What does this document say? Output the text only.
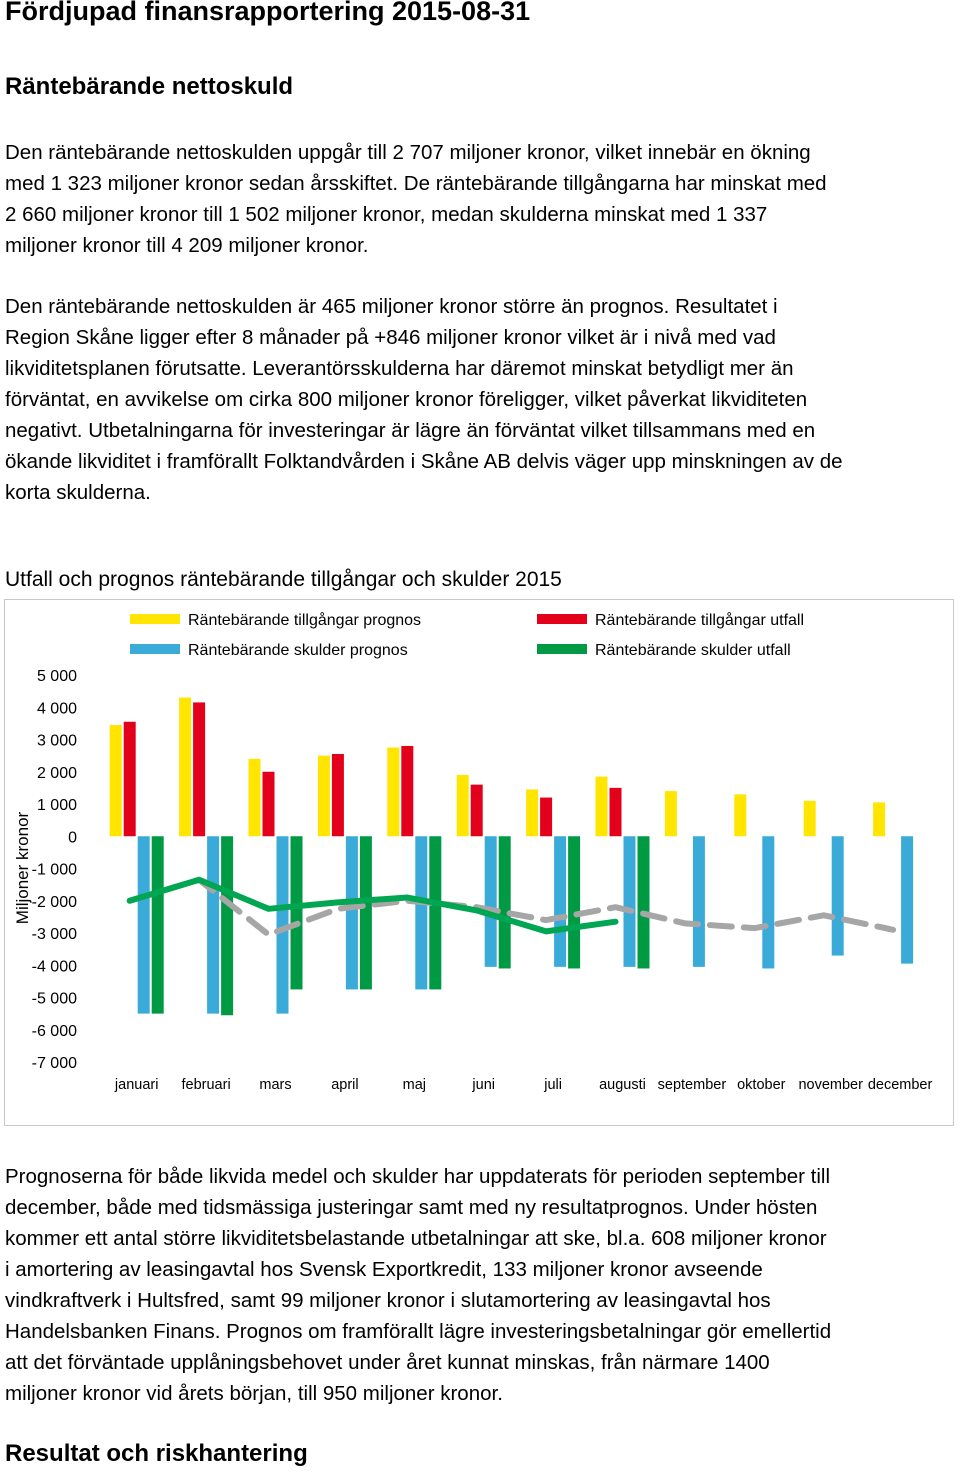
Fördjupad finansrapportering 2015-08-31
Räntebärande nettoskuld
Den räntebärande nettoskulden uppgår till 2 707 miljoner kronor, vilket innebär en ökning
med 1 323 miljoner kronor sedan årsskiftet. De räntebärande tillgångarna har minskat med
2 660 miljoner kronor till 1 502 miljoner kronor, medan skulderna minskat med 1 337
miljoner kronor till 4 209 miljoner kronor.
Den räntebärande nettoskulden är 465 miljoner kronor större än prognos. Resultatet i
Region Skåne ligger efter 8 månader på +846 miljoner kronor vilket är i nivå med vad
likviditetsplanen förutsatte. Leverantörsskulderna har däremot minskat betydligt mer än
förväntat, en avvikelse om cirka 800 miljoner kronor föreligger, vilket påverkat likviditeten
negativt. Utbetalningarna för investeringar är lägre än förväntat vilket tillsammans med en
ökande likviditet i framförallt Folktandvården i Skåne AB delvis väger upp minskningen av de
korta skulderna.
Utfall och prognos räntebärande tillgångar och skulder 2015
5 000
4 000
3 000
2 000
1 000
0
-1 000
-2 000
-3 000
-4 000
-5 000
-6 000
-7 000
Miljoner kronor
januari februari mars	april	maj	juni	juli	augusti september oktober november december
Räntebärande tillgångar prognos	Räntebärande tillgångar utfall
Räntebärande skulder prognos	Räntebärande skulder utfall
Prognoserna för både likvida medel och skulder har uppdaterats för perioden september till
december, både med tidsmässiga justeringar samt med ny resultatprognos. Under hösten
kommer ett antal större likviditetsbelastande utbetalningar att ske, bl.a. 608 miljoner kronor
i amortering av leasingavtal hos Svensk Exportkredit, 133 miljoner kronor avseende
vindkraftverk i Hultsfred, samt 99 miljoner kronor i slutamortering av leasingavtal hos
Handelsbanken Finans. Prognos om framförallt lägre investeringsbetalningar gör emellertid
att det förväntade upplåningsbehovet under året kunnat minskas, från närmare 1400
miljoner kronor vid årets början, till 950 miljoner kronor.
Resultat och riskhantering
